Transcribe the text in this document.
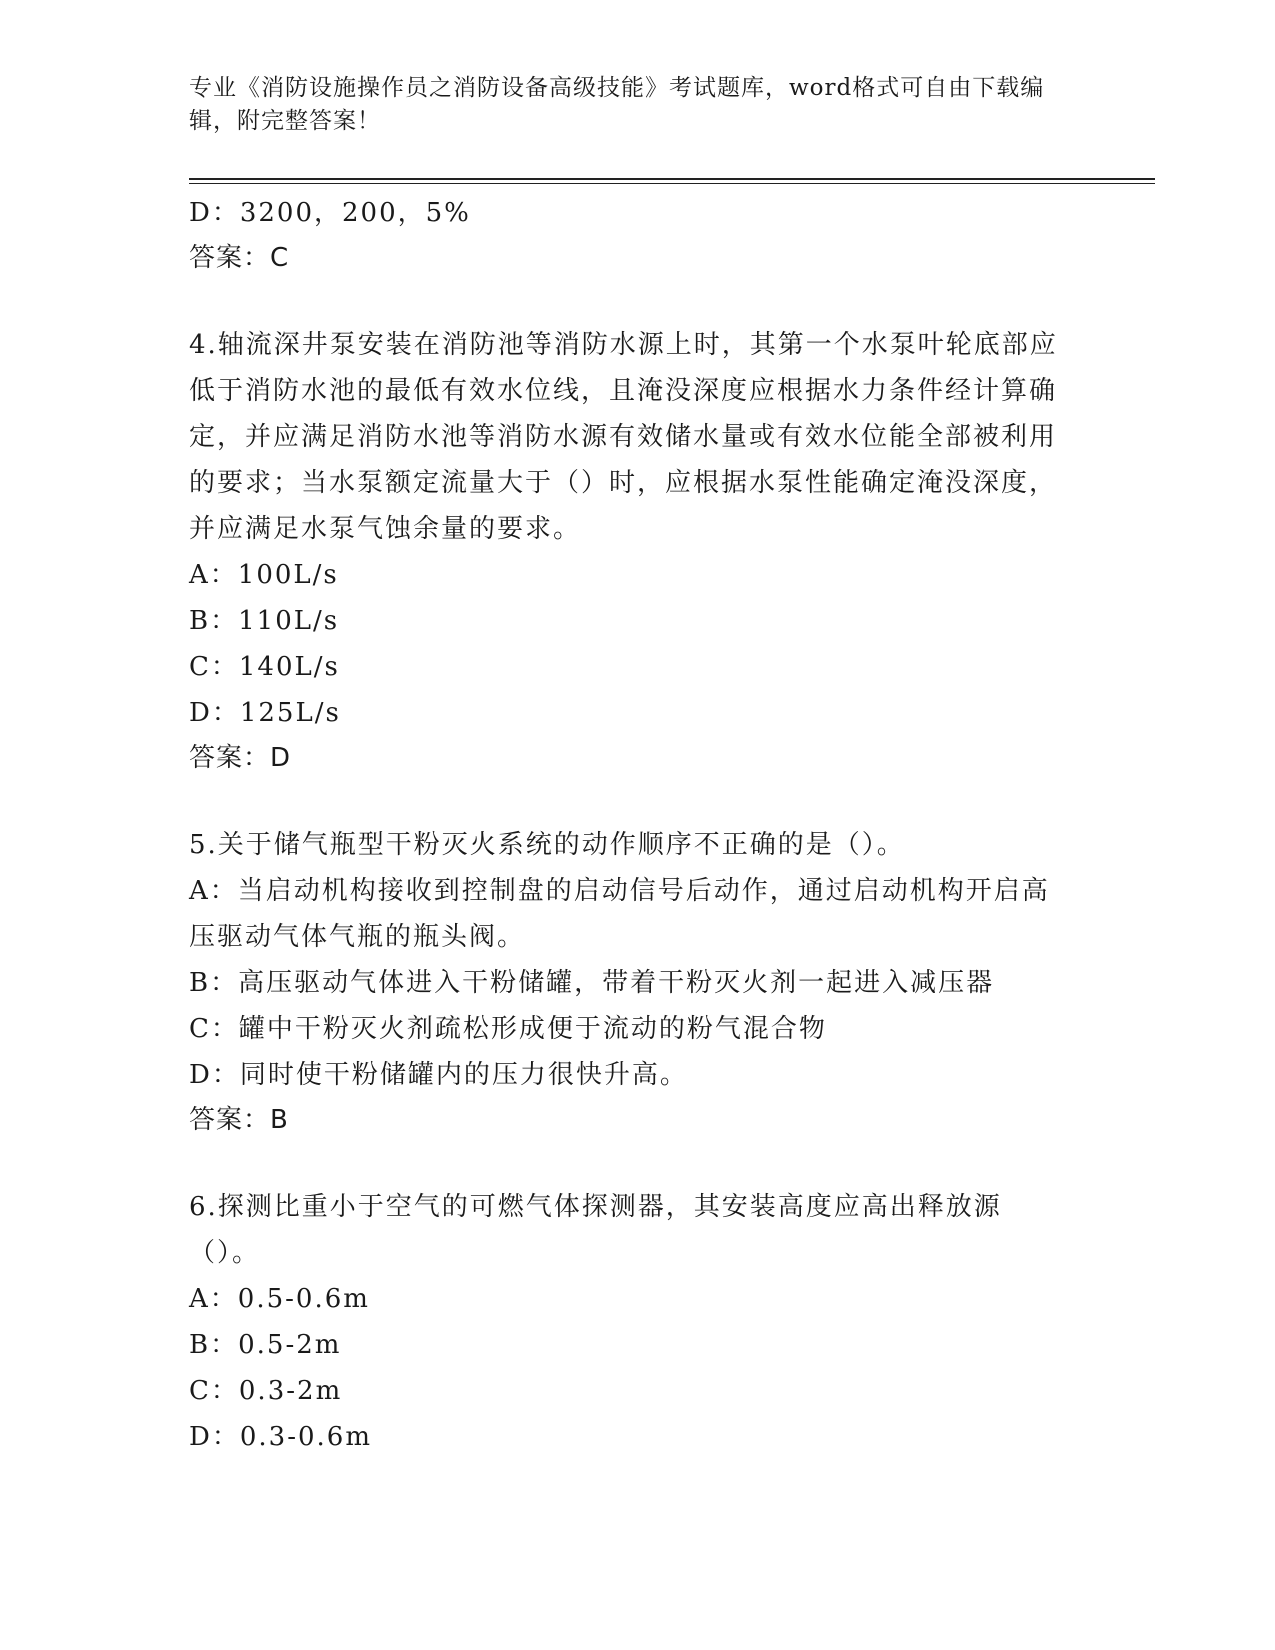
专业《消防设施操作员之消防设备高级技能》考试题库，word格式可自由下载编辑，附完整答案！
D：3200，200，5%
答案：C
4.轴流深井泵安装在消防池等消防水源上时，其第一个水泵叶轮底部应低于消防水池的最低有效水位线，且淹没深度应根据水力条件经计算确定，并应满足消防水池等消防水源有效储水量或有效水位能全部被利用的要求；当水泵额定流量大于（）时，应根据水泵性能确定淹没深度，并应满足水泵气蚀余量的要求。
A：100L/s
B：110L/s
C：140L/s
D：125L/s
答案：D
5.关于储气瓶型干粉灭火系统的动作顺序不正确的是（）。
A：当启动机构接收到控制盘的启动信号后动作，通过启动机构开启高压驱动气体气瓶的瓶头阀。
B：高压驱动气体进入干粉储罐，带着干粉灭火剂一起进入减压器
C：罐中干粉灭火剂疏松形成便于流动的粉气混合物
D：同时使干粉储罐内的压力很快升高。
答案：B
6.探测比重小于空气的可燃气体探测器，其安装高度应高出释放源（）。
A：0.5-0.6m
B：0.5-2m
C：0.3-2m
D：0.3-0.6m
